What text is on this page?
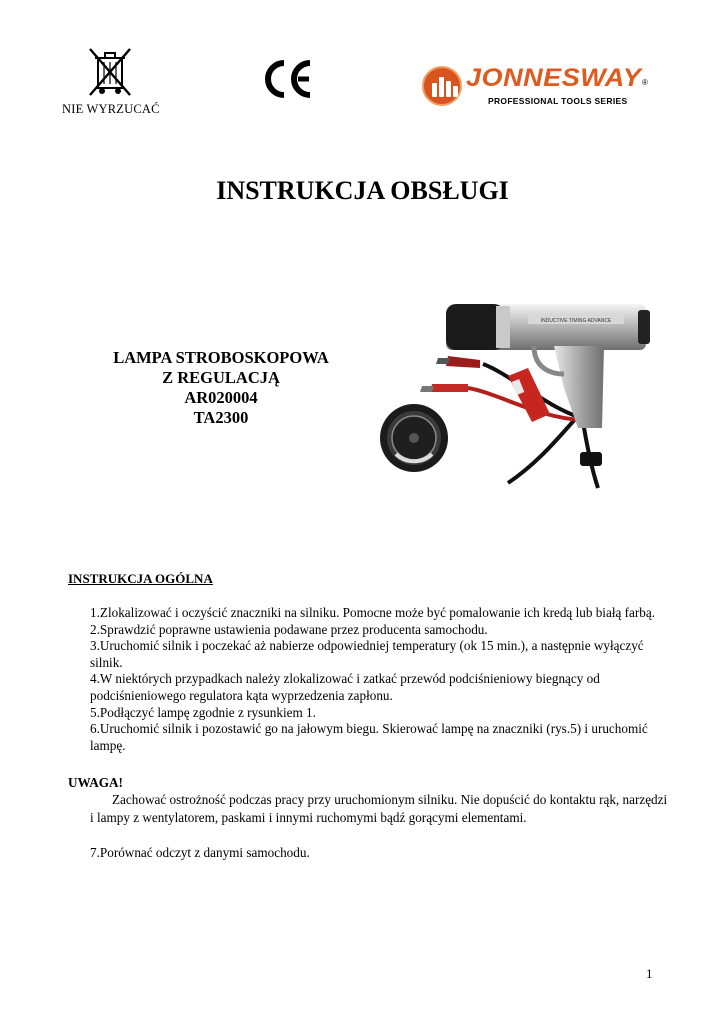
NIE WYRZUCAĆ
JONNESWAY ®
PROFESSIONAL TOOLS SERIES
INSTRUKCJA OBSŁUGI
LAMPA STROBOSKOPOWA
Z REGULACJĄ
AR020004
TA2300
INDUCTIVE TIMING ADVANCE
INSTRUKCJA OGÓLNA

1.Zlokalizować i oczyścić znaczniki na silniku. Pomocne może być pomalowanie ich kredą lub białą farbą.

2.Sprawdzić poprawne ustawienia podawane przez producenta samochodu.

3.Uruchomić silnik i poczekać aż nabierze odpowiedniej temperatury (ok 15 min.), a następnie wyłączyć silnik.

4.W niektórych przypadkach należy zlokalizować i zatkać przewód podciśnieniowy biegnący od podciśnieniowego regulatora kąta wyprzedzenia zapłonu.

5.Podłączyć lampę zgodnie z rysunkiem 1.

6.Uruchomić silnik i pozostawić go na jałowym biegu. Skierować lampę na znaczniki (rys.5) i uruchomić lampę.

UWAGA!

Zachować ostrożność podczas pracy przy uruchomionym silniku. Nie dopuścić do kontaktu rąk, narzędzi i lampy z wentylatorem, paskami i innymi ruchomymi bądź gorącymi elementami.

7.Porównać odczyt z danymi samochodu.

1
